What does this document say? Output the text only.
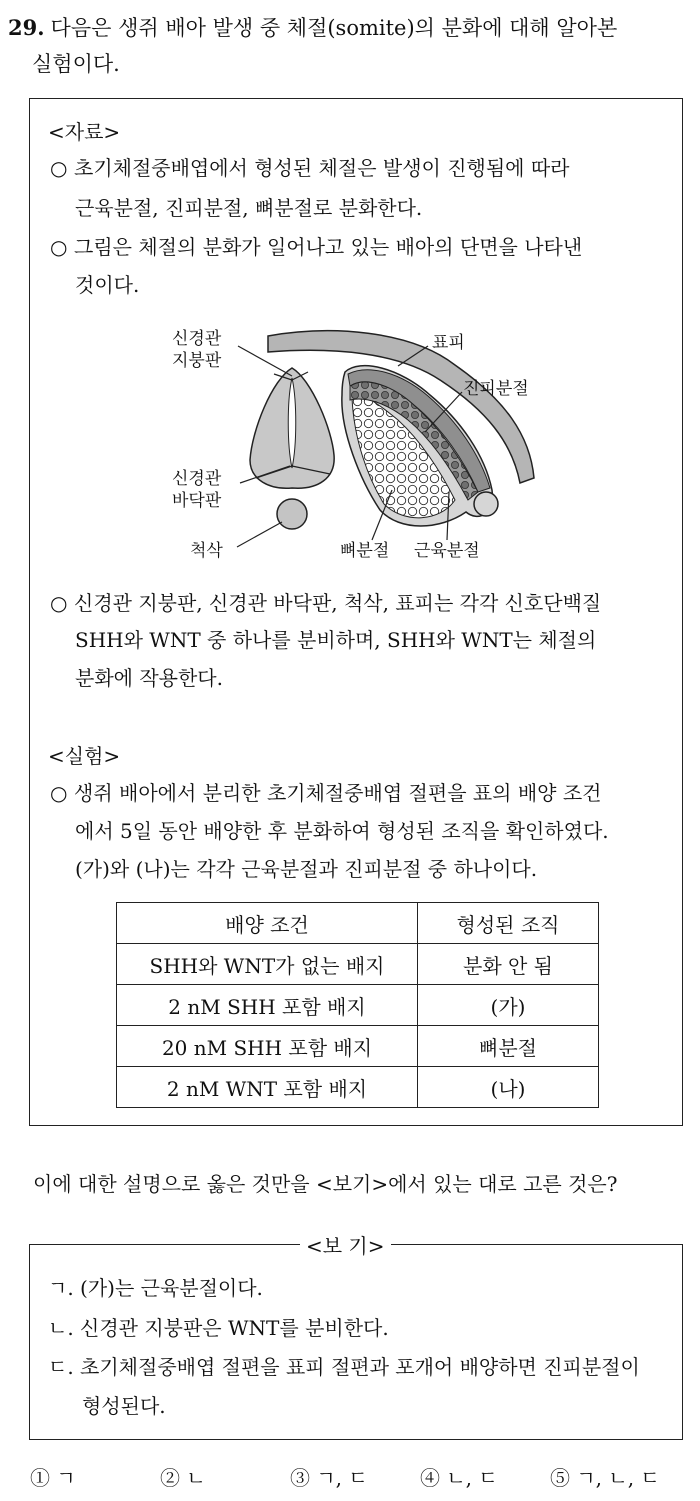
29. 다음은 생쥐 배아 발생 중 체절(somite)의 분화에 대해 알아본
실험이다.
<자료>
○ 초기체절중배엽에서 형성된 체절은 발생이 진행됨에 따라
근육분절, 진피분절, 뼈분절로 분화한다.
○ 그림은 체절의 분화가 일어나고 있는 배아의 단면을 나타낸
것이다.
신경관
지붕판
신경관
바닥판
척삭
표피
진피분절
뼈분절 근육분절
○ 신경관 지붕판, 신경관 바닥판, 척삭, 표피는 각각 신호단백질
SHH와 WNT 중 하나를 분비하며, SHH와 WNT는 체절의
분화에 작용한다.
<실험>
○ 생쥐 배아에서 분리한 초기체절중배엽 절편을 표의 배양 조건
에서 5일 동안 배양한 후 분화하여 형성된 조직을 확인하였다.
(가)와 (나)는 각각 근육분절과 진피분절 중 하나이다.
배양 조건	형성된 조직
SHH와 WNT가 없는 배지	분화 안 됨
2 nM SHH 포함 배지	(가)
20 nM SHH 포함 배지	뼈분절
2 nM WNT 포함 배지	(나)
이에 대한 설명으로 옳은 것만을 <보기>에서 있는 대로 고른 것은?
<보 기>
ㄱ. (가)는 근육분절이다.
ㄴ. 신경관 지붕판은 WNT를 분비한다.
ㄷ. 초기체절중배엽 절편을 표피 절편과 포개어 배양하면 진피분절이
형성된다.
① ㄱ	② ㄴ	③ ㄱ, ㄷ	④ ㄴ, ㄷ	⑤ ㄱ, ㄴ, ㄷ
